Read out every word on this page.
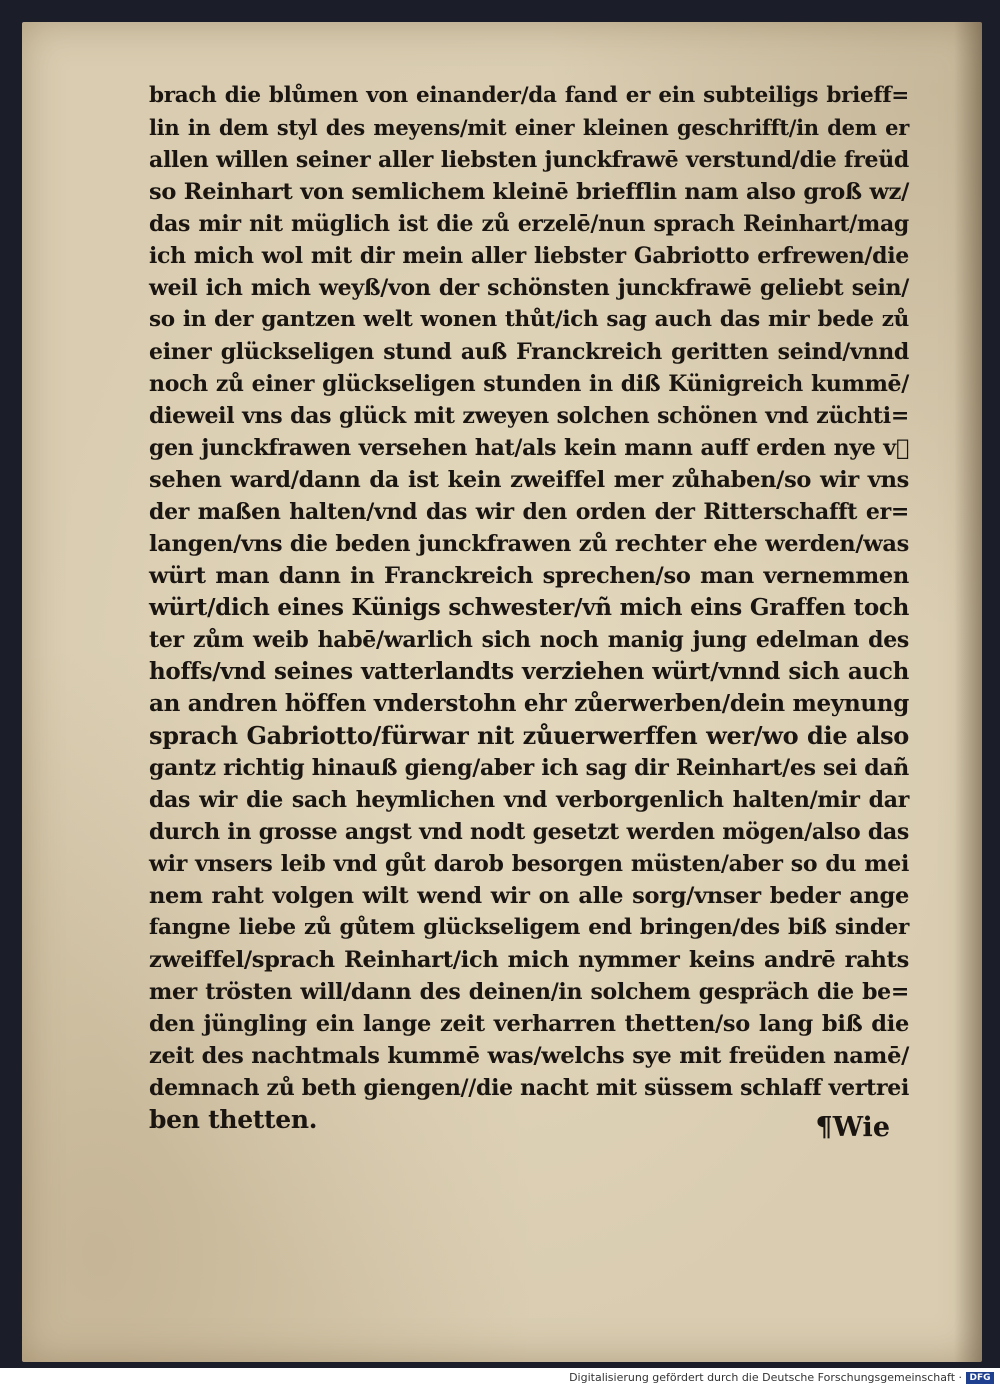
brach die blůmen von einander/da fand er ein subteiligs brieff=
lin in dem styl des meyens/mit einer kleinen geschrifft/in dem er
allen willen seiner aller liebsten junckfrawē verstund/die freüd
so Reinhart von semlichem kleinē briefflin nam also groß wz/
das mir nit müglich ist die zů erzelē/nun sprach Reinhart/mag
ich mich wol mit dir mein aller liebster Gabriotto erfrewen/die
weil ich mich weyß/von der schönsten junckfrawē geliebt sein/
so in der gantzen welt wonen thůt/ich sag auch das mir bede zů
einer glückseligen stund auß Franckreich geritten seind/vnnd
noch zů einer glückseligen stunden in diß Künigreich kummē/
dieweil vns das glück mit zweyen solchen schönen vnd züchti=
gen junckfrawen versehen hat/als kein mann auff erden nye vᷣ
sehen ward/dann da ist kein zweiffel mer zůhaben/so wir vns
der maßen halten/vnd das wir den orden der Ritterschafft er=
langen/vns die beden junckfrawen zů rechter ehe werden/was
würt man dann in Franckreich sprechen/so man vernemmen
würt/dich eines Künigs schwester/vñ mich eins Graffen toch
ter zům weib habē/warlich sich noch manig jung edelman des
hoffs/vnd seines vatterlandts verziehen würt/vnnd sich auch
an andren höffen vnderstohn ehr zůerwerben/dein meynung
sprach Gabriotto/fürwar nit zůuerwerffen wer/wo die also
gantz richtig hinauß gieng/aber ich sag dir Reinhart/es sei dañ
das wir die sach heymlichen vnd verborgenlich halten/mir dar
durch in grosse angst vnd nodt gesetzt werden mögen/also das
wir vnsers leib vnd gůt darob besorgen müsten/aber so du mei
nem raht volgen wilt wend wir on alle sorg/vnser beder ange
fangne liebe zů gůtem glückseligem end bringen/des biß sinder
zweiffel/sprach Reinhart/ich mich nymmer keins andrē rahts
mer trösten will/dann des deinen/in solchem gespräch die be=
den jüngling ein lange zeit verharren thetten/so lang biß die
zeit des nachtmals kummē was/welchs sye mit freüden namē/
demnach zů beth giengen//die nacht mit süssem schlaff vertrei
ben thetten.	¶Wie
Digitalisierung gefördert durch die Deutsche Forschungsgemeinschaft · DFG
